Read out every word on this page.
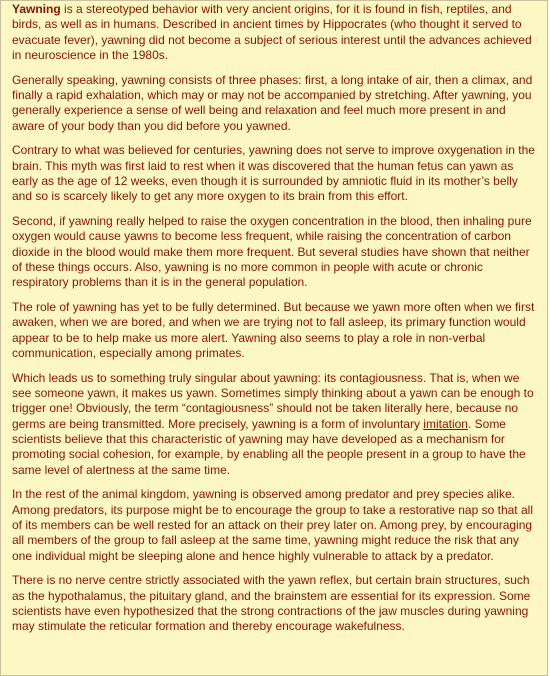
Yawning is a stereotyped behavior with very ancient origins, for it is found in fish, reptiles, and birds, as well as in humans. Described in ancient times by Hippocrates (who thought it served to evacuate fever), yawning did not become a subject of serious interest until the advances achieved in neuroscience in the 1980s.

Generally speaking, yawning consists of three phases: first, a long intake of air, then a climax, and finally a rapid exhalation, which may or may not be accompanied by stretching. After yawning, you generally experience a sense of well being and relaxation and feel much more present in and aware of your body than you did before you yawned.

Contrary to what was believed for centuries, yawning does not serve to improve oxygenation in the brain. This myth was first laid to rest when it was discovered that the human fetus can yawn as early as the age of 12 weeks, even though it is surrounded by amniotic fluid in its mother’s belly and so is scarcely likely to get any more oxygen to its brain from this effort.

Second, if yawning really helped to raise the oxygen concentration in the blood, then inhaling pure oxygen would cause yawns to become less frequent, while raising the concentration of carbon dioxide in the blood would make them more frequent. But several studies have shown that neither of these things occurs. Also, yawning is no more common in people with acute or chronic respiratory problems than it is in the general population.

The role of yawning has yet to be fully determined. But because we yawn more often when we first awaken, when we are bored, and when we are trying not to fall asleep, its primary function would appear to be to help make us more alert. Yawning also seems to play a role in non-verbal communication, especially among primates.

Which leads us to something truly singular about yawning: its contagiousness. That is, when we see someone yawn, it makes us yawn. Sometimes simply thinking about a yawn can be enough to trigger one! Obviously, the term “contagiousness” should not be taken literally here, because no germs are being transmitted. More precisely, yawning is a form of involuntary imitation. Some scientists believe that this characteristic of yawning may have developed as a mechanism for promoting social cohesion, for example, by enabling all the people present in a group to have the same level of alertness at the same time.

In the rest of the animal kingdom, yawning is observed among predator and prey species alike. Among predators, its purpose might be to encourage the group to take a restorative nap so that all of its members can be well rested for an attack on their prey later on. Among prey, by encouraging all members of the group to fall asleep at the same time, yawning might reduce the risk that any one individual might be sleeping alone and hence highly vulnerable to attack by a predator.

There is no nerve centre strictly associated with the yawn reflex, but certain brain structures, such as the hypothalamus, the pituitary gland, and the brainstem are essential for its expression. Some scientists have even hypothesized that the strong contractions of the jaw muscles during yawning may stimulate the reticular formation and thereby encourage wakefulness.
